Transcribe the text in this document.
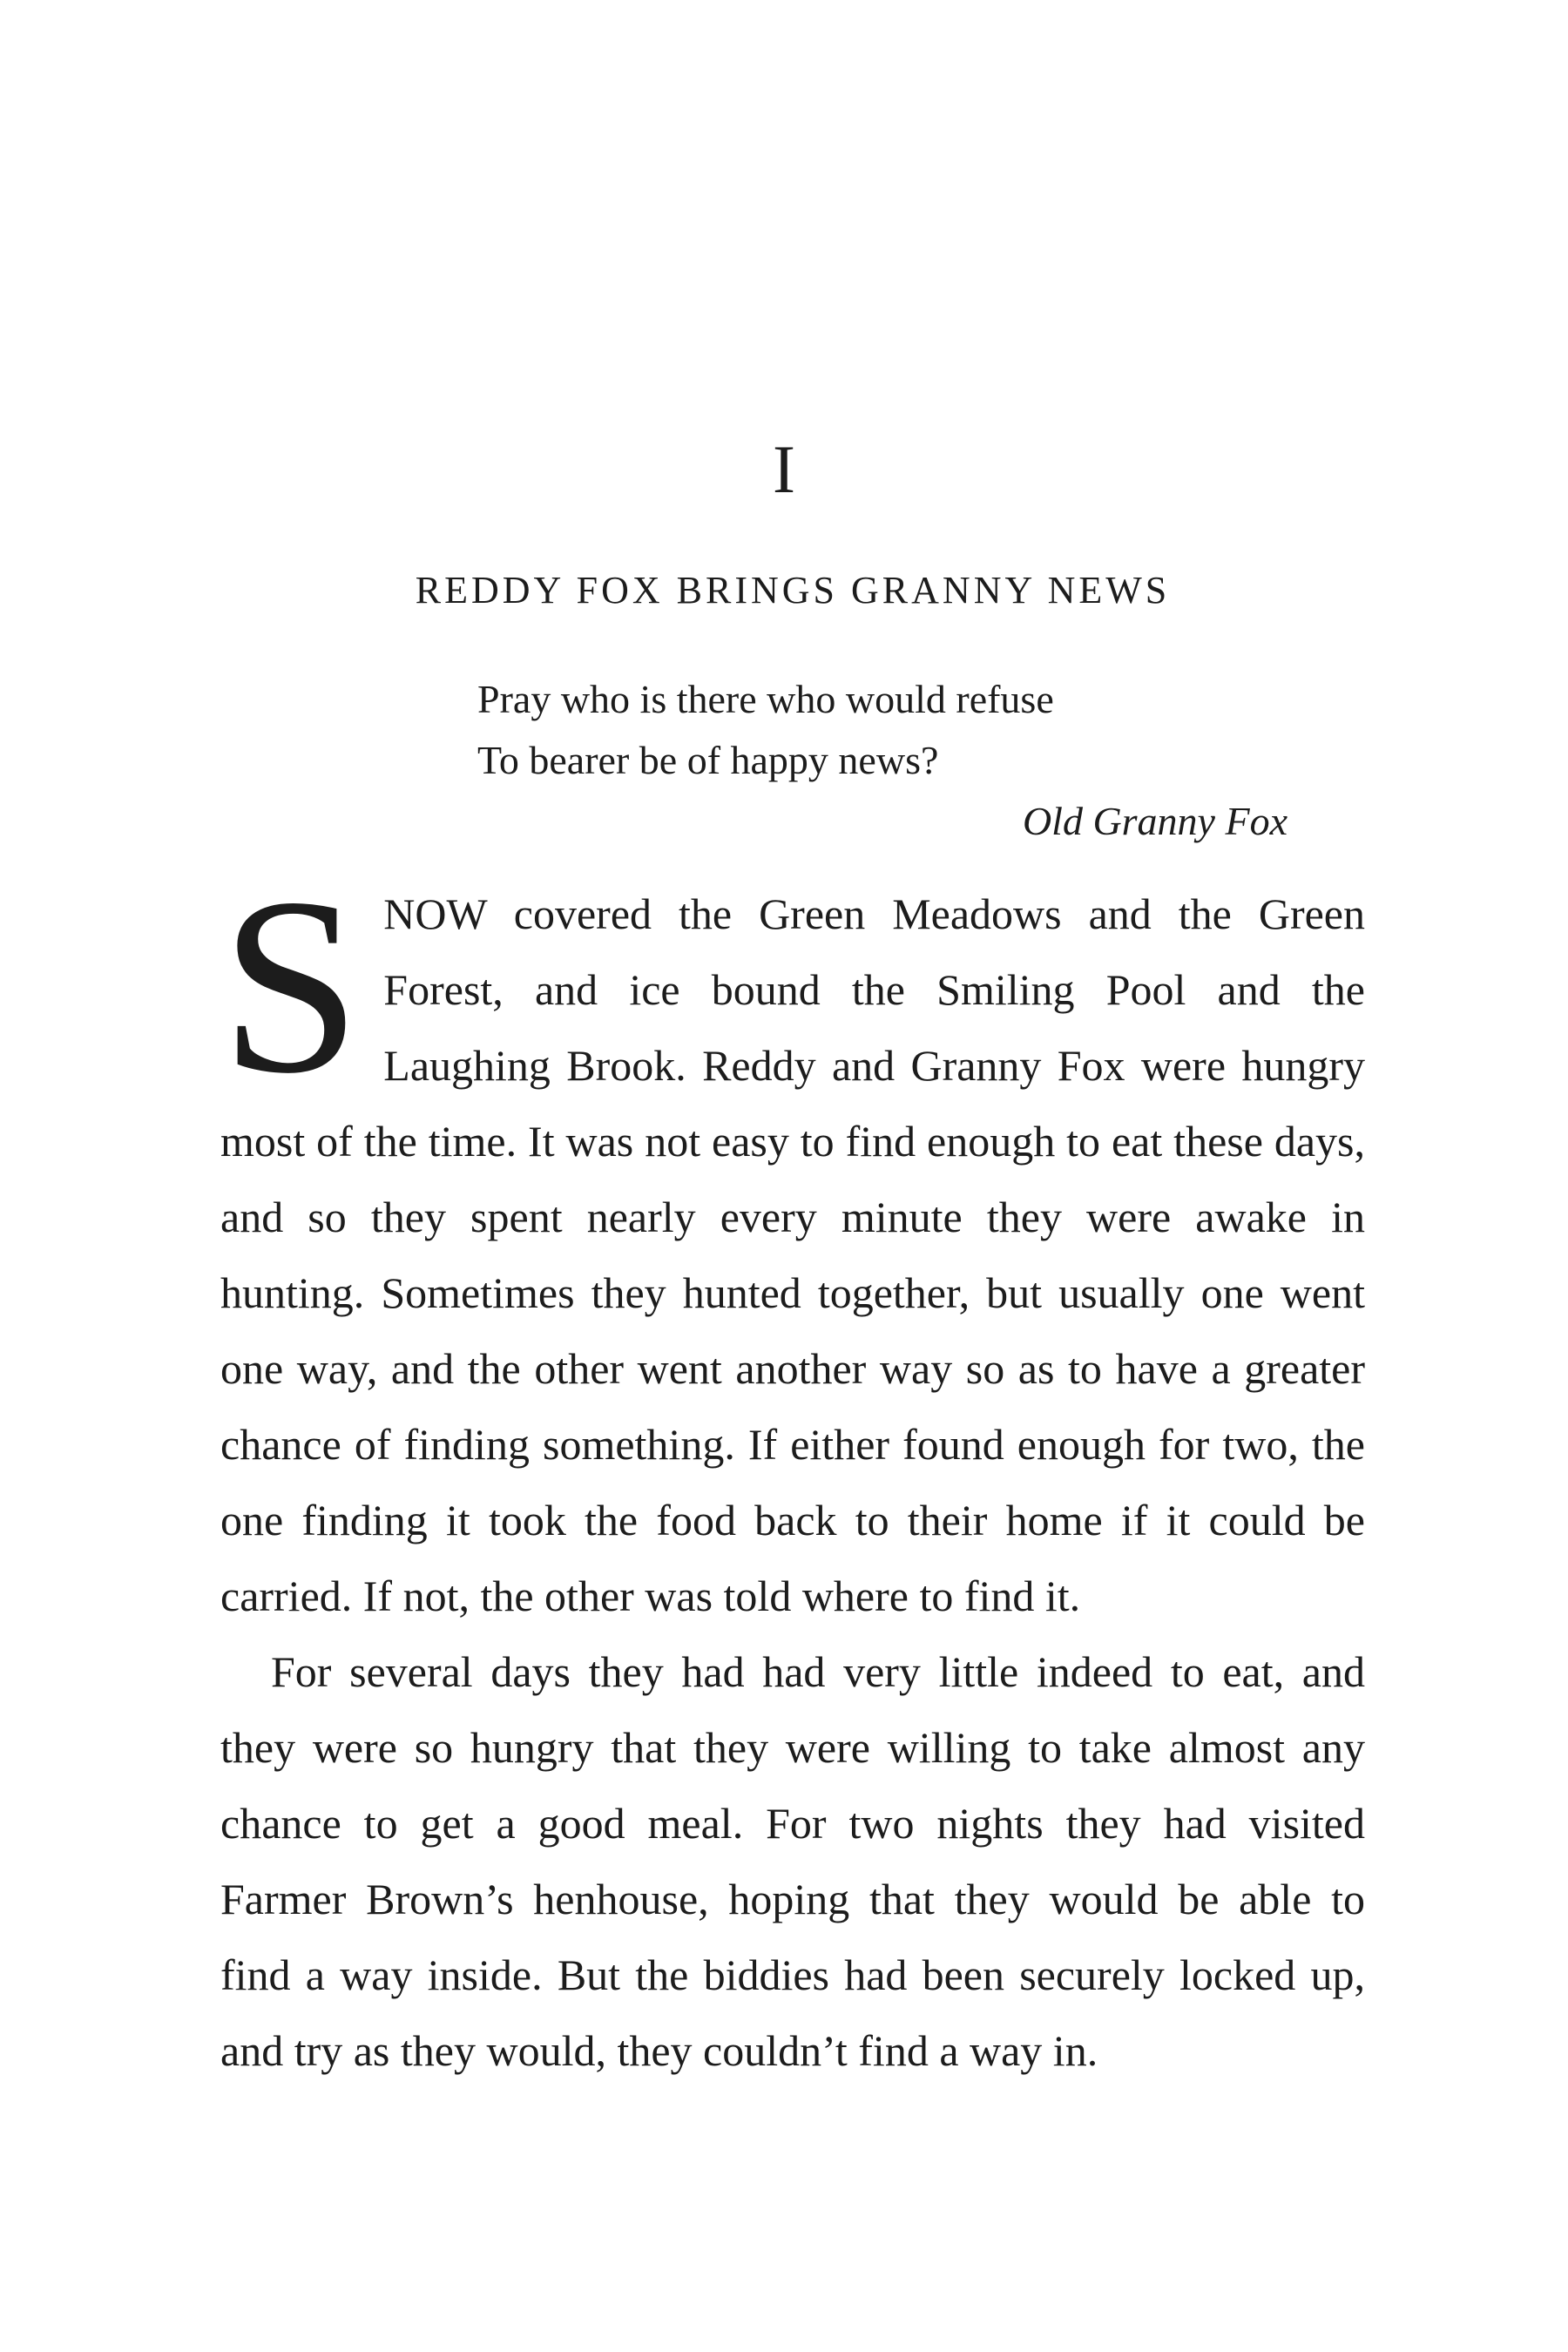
I
REDDY FOX BRINGS GRANNY NEWS
Pray who is there who would refuse
To bearer be of happy news?
Old Granny Fox

SNOW covered the Green Meadows and the Green Forest, and ice bound the Smiling Pool and the Laughing Brook. Reddy and Granny Fox were hungry most of the time. It was not easy to find enough to eat these days, and so they spent nearly every minute they were awake in hunting. Sometimes they hunted together, but usually one went one way, and the other went another way so as to have a greater chance of finding something. If either found enough for two, the one finding it took the food back to their home if it could be carried. If not, the other was told where to find it.

For several days they had had very little indeed to eat, and they were so hungry that they were willing to take almost any chance to get a good meal. For two nights they had visited Farmer Brown’s henhouse, hoping that they would be able to find a way inside. But the biddies had been securely locked up, and try as they would, they couldn’t find a way in.
